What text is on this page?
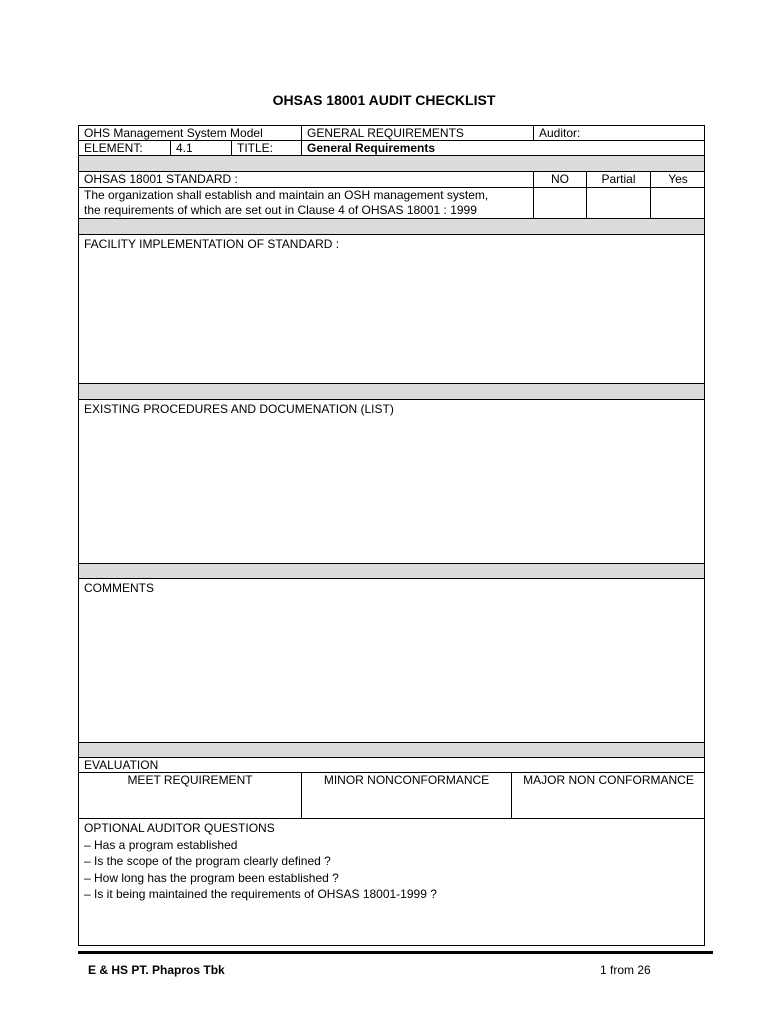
OHSAS 18001 AUDIT CHECKLIST
OHS Management System Model	GENERAL REQUIREMENTS	Auditor:
ELEMENT:	4.1	TITLE:	General Requirements
OHSAS 18001 STANDARD :	NO	Partial	Yes
The organization shall establish and maintain an OSH management system,
the requirements of which are set out in Clause 4 of OHSAS 18001 : 1999
FACILITY IMPLEMENTATION OF STANDARD :
EXISTING PROCEDURES AND DOCUMENATION (LIST)
COMMENTS
EVALUATION
MEET REQUIREMENT	MINOR NONCONFORMANCE	MAJOR NON CONFORMANCE
OPTIONAL AUDITOR QUESTIONS
– Has a program established
– Is the scope of the program clearly defined ?
– How long has the program been established ?
– Is it being maintained the requirements of OHSAS 18001-1999 ?
E & HS PT. Phapros Tbk	1 from 26
